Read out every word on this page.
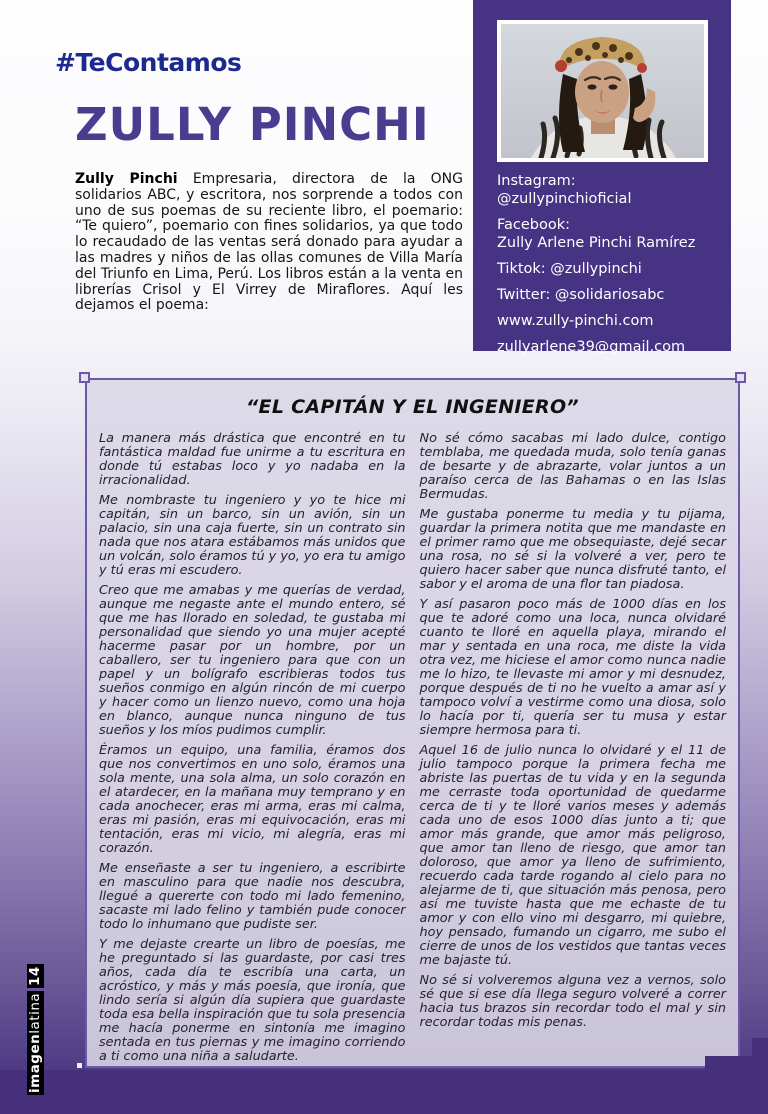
#TeContamos
ZULLY PINCHI

Zully Pinchi Empresaria, directora de la ONG solidarios ABC, y escritora, nos sorprende a todos con uno de sus poemas de su reciente libro, el poemario: “Te quiero”, poemario con fines solidarios, ya que todo lo recaudado de las ventas será donado para ayudar a las madres y niños de las ollas comunes de Villa María del Triunfo en Lima, Perú. Los libros están a la venta en librerías Crisol y El Virrey de Miraflores. Aquí les dejamos el poema:

Instagram:
@zullypinchioficial
Facebook:
Zully Arlene Pinchi Ramírez
Tiktok: @zullypinchi
Twitter: @solidariosabc
www.zully-pinchi.com
zullyarlene39@gmail.com
“EL CAPITÁN Y EL INGENIERO”

La manera más drástica que encontré en tu fantástica maldad fue unirme a tu escritura en donde tú estabas loco y yo nadaba en la irracionalidad.

Me nombraste tu ingeniero y yo te hice mi capitán, sin un barco, sin un avión, sin un palacio, sin una caja fuerte, sin un contrato sin nada que nos atara estábamos más unidos que un volcán, solo éramos tú y yo, yo era tu amigo y tú eras mi escudero.

Creo que me amabas y me querías de verdad, aunque me negaste ante el mundo entero, sé que me has llorado en soledad, te gustaba mi personalidad que siendo yo una mujer acepté hacerme pasar por un hombre, por un caballero, ser tu ingeniero para que con un papel y un bolígrafo escribieras todos tus sueños conmigo en algún rincón de mi cuerpo y hacer como un lienzo nuevo, como una hoja en blanco, aunque nunca ninguno de tus sueños y los míos pudimos cumplir.

Éramos un equipo, una familia, éramos dos que nos convertimos en uno solo, éramos una sola mente, una sola alma, un solo corazón en el atardecer, en la mañana muy temprano y en cada anochecer, eras mi arma, eras mi calma, eras mi pasión, eras mi equivocación, eras mi tentación, eras mi vicio, mi alegría, eras mi corazón.

Me enseñaste a ser tu ingeniero, a escribirte en masculino para que nadie nos descubra, llegué a quererte con todo mi lado femenino, sacaste mi lado felino y también pude conocer todo lo inhumano que pudiste ser.

Y me dejaste crearte un libro de poesías, me he preguntado si las guardaste, por casi tres años, cada día te escribía una carta, un acróstico, y más y más poesía, que ironía, que lindo sería si algún día supiera que guardaste toda esa bella inspiración que tu sola presencia me hacía ponerme en sintonía me imagino sentada en tus piernas y me imagino corriendo a ti como una niña a saludarte.

No sé cómo sacabas mi lado dulce, contigo temblaba, me quedada muda, solo tenía ganas de besarte y de abrazarte, volar juntos a un paraíso cerca de las Bahamas o en las Islas Bermudas.

Me gustaba ponerme tu media y tu pijama, guardar la primera notita que me mandaste en el primer ramo que me obsequiaste, dejé secar una rosa, no sé si la volveré a ver, pero te quiero hacer saber que nunca disfruté tanto, el sabor y el aroma de una flor tan piadosa.

Y así pasaron poco más de 1000 días en los que te adoré como una loca, nunca olvidaré cuanto te lloré en aquella playa, mirando el mar y sentada en una roca, me diste la vida otra vez, me hiciese el amor como nunca nadie me lo hizo, te llevaste mi amor y mi desnudez, porque después de ti no he vuelto a amar así y tampoco volví a vestirme como una diosa, solo lo hacía por ti, quería ser tu musa y estar siempre hermosa para ti.

Aquel 16 de julio nunca lo olvidaré y el 11 de julio tampoco porque la primera fecha me abriste las puertas de tu vida y en la segunda me cerraste toda oportunidad de quedarme cerca de ti y te lloré varios meses y además cada uno de esos 1000 días junto a ti; que amor más grande, que amor más peligroso, que amor tan lleno de riesgo, que amor tan doloroso, que amor ya lleno de sufrimiento, recuerdo cada tarde rogando al cielo para no alejarme de ti, que situación más penosa, pero así me tuviste hasta que me echaste de tu amor y con ello vino mi desgarro, mi quiebre, hoy pensado, fumando un cigarro, me subo el cierre de unos de los vestidos que tantas veces me bajaste tú.

No sé si volveremos alguna vez a vernos, solo sé que si ese día llega seguro volveré a correr hacia tus brazos sin recordar todo el mal y sin recordar todas mis penas.

imagenlatina
14
